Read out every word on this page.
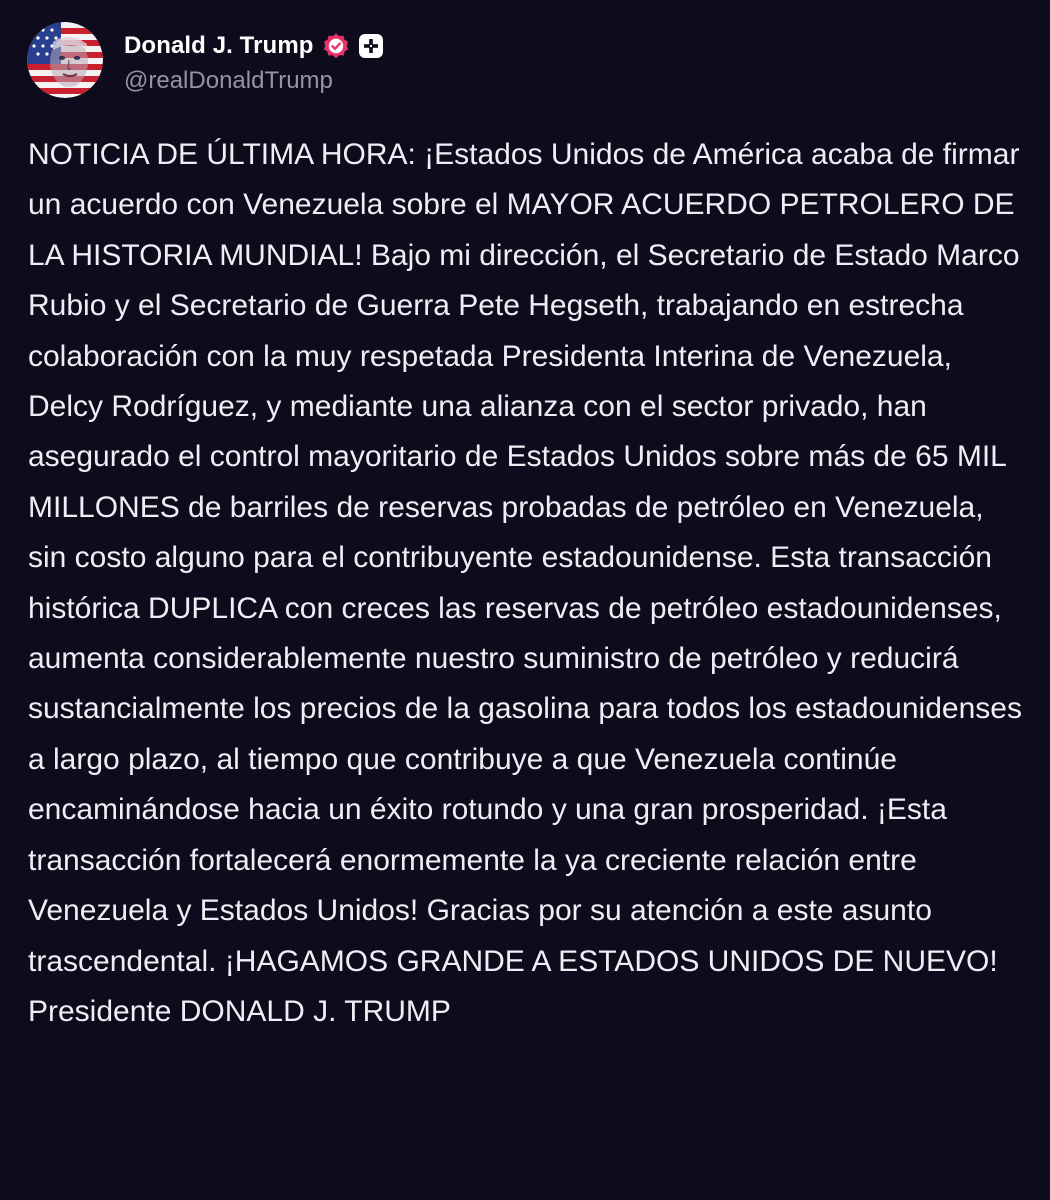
Donald J. Trump
@realDonaldTrump
NOTICIA DE ÚLTIMA HORA: ¡Estados Unidos de América acaba de firmar un acuerdo con Venezuela sobre el MAYOR ACUERDO PETROLERO DE LA HISTORIA MUNDIAL! Bajo mi dirección, el Secretario de Estado Marco Rubio y el Secretario de Guerra Pete Hegseth, trabajando en estrecha colaboración con la muy respetada Presidenta Interina de Venezuela, Delcy Rodríguez, y mediante una alianza con el sector privado, han asegurado el control mayoritario de Estados Unidos sobre más de 65 MIL MILLONES de barriles de reservas probadas de petróleo en Venezuela, sin costo alguno para el contribuyente estadounidense. Esta transacción histórica DUPLICA con creces las reservas de petróleo estadounidenses, aumenta considerablemente nuestro suministro de petróleo y reducirá sustancialmente los precios de la gasolina para todos los estadounidenses a largo plazo, al tiempo que contribuye a que Venezuela continúe encaminándose hacia un éxito rotundo y una gran prosperidad. ¡Esta transacción fortalecerá enormemente la ya creciente relación entre Venezuela y Estados Unidos! Gracias por su atención a este asunto trascendental. ¡HAGAMOS GRANDE A ESTADOS UNIDOS DE NUEVO! Presidente DONALD J. TRUMP
